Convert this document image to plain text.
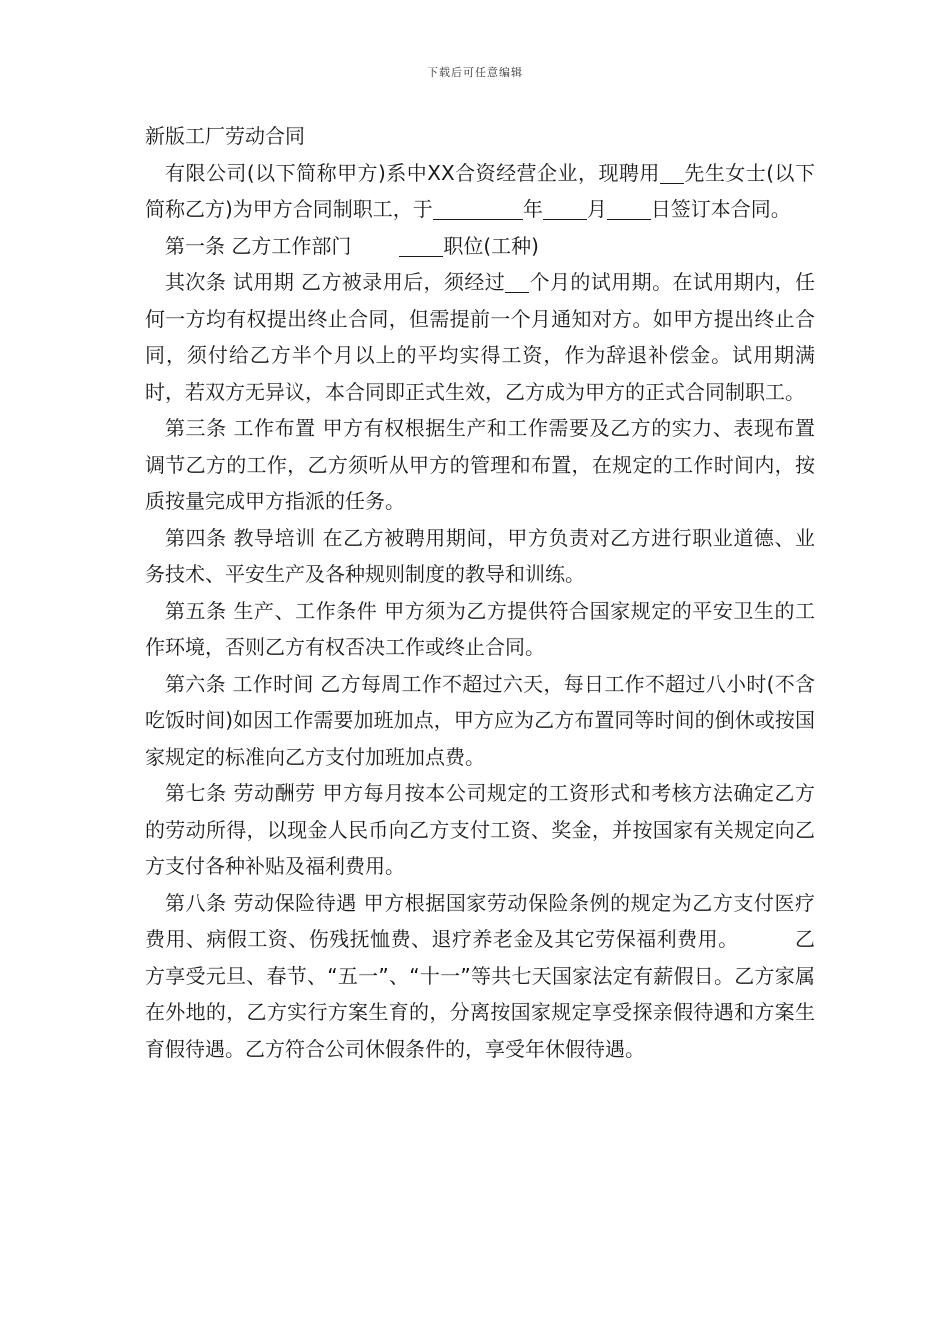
下载后可任意编辑
新版工厂劳动合同

有限公司(以下简称甲方)系中XX合资经营企业，现聘用 先生女士(以下简称乙方)为甲方合同制职工，于	年 月 日签订本合同。

第一条 乙方工作部门	职位(工种)

其次条 试用期 乙方被录用后，须经过 个月的试用期。在试用期内，任何一方均有权提出终止合同，但需提前一个月通知对方。如甲方提出终止合同，须付给乙方半个月以上的平均实得工资，作为辞退补偿金。试用期满时，若双方无异议，本合同即正式生效，乙方成为甲方的正式合同制职工。

第三条 工作布置 甲方有权根据生产和工作需要及乙方的实力、表现布置调节乙方的工作，乙方须听从甲方的管理和布置，在规定的工作时间内，按质按量完成甲方指派的任务。

第四条 教导培训 在乙方被聘用期间，甲方负责对乙方进行职业道德、业务技术、平安生产及各种规则制度的教导和训练。

第五条 生产、工作条件 甲方须为乙方提供符合国家规定的平安卫生的工作环境，否则乙方有权否决工作或终止合同。

第六条 工作时间 乙方每周工作不超过六天，每日工作不超过八小时(不含吃饭时间)如因工作需要加班加点，甲方应为乙方布置同等时间的倒休或按国家规定的标准向乙方支付加班加点费。

第七条 劳动酬劳 甲方每月按本公司规定的工资形式和考核方法确定乙方的劳动所得，以现金人民币向乙方支付工资、奖金，并按国家有关规定向乙方支付各种补贴及福利费用。

第八条 劳动保险待遇 甲方根据国家劳动保险条例的规定为乙方支付医疗费用、病假工资、伤残抚恤费、退疗养老金及其它劳保福利费用。	乙方享受元旦、春节、“五一”、“十一”等共七天国家法定有薪假日。乙方家属在外地的，乙方实行方案生育的，分离按国家规定享受探亲假待遇和方案生育假待遇。乙方符合公司休假条件的，享受年休假待遇。
